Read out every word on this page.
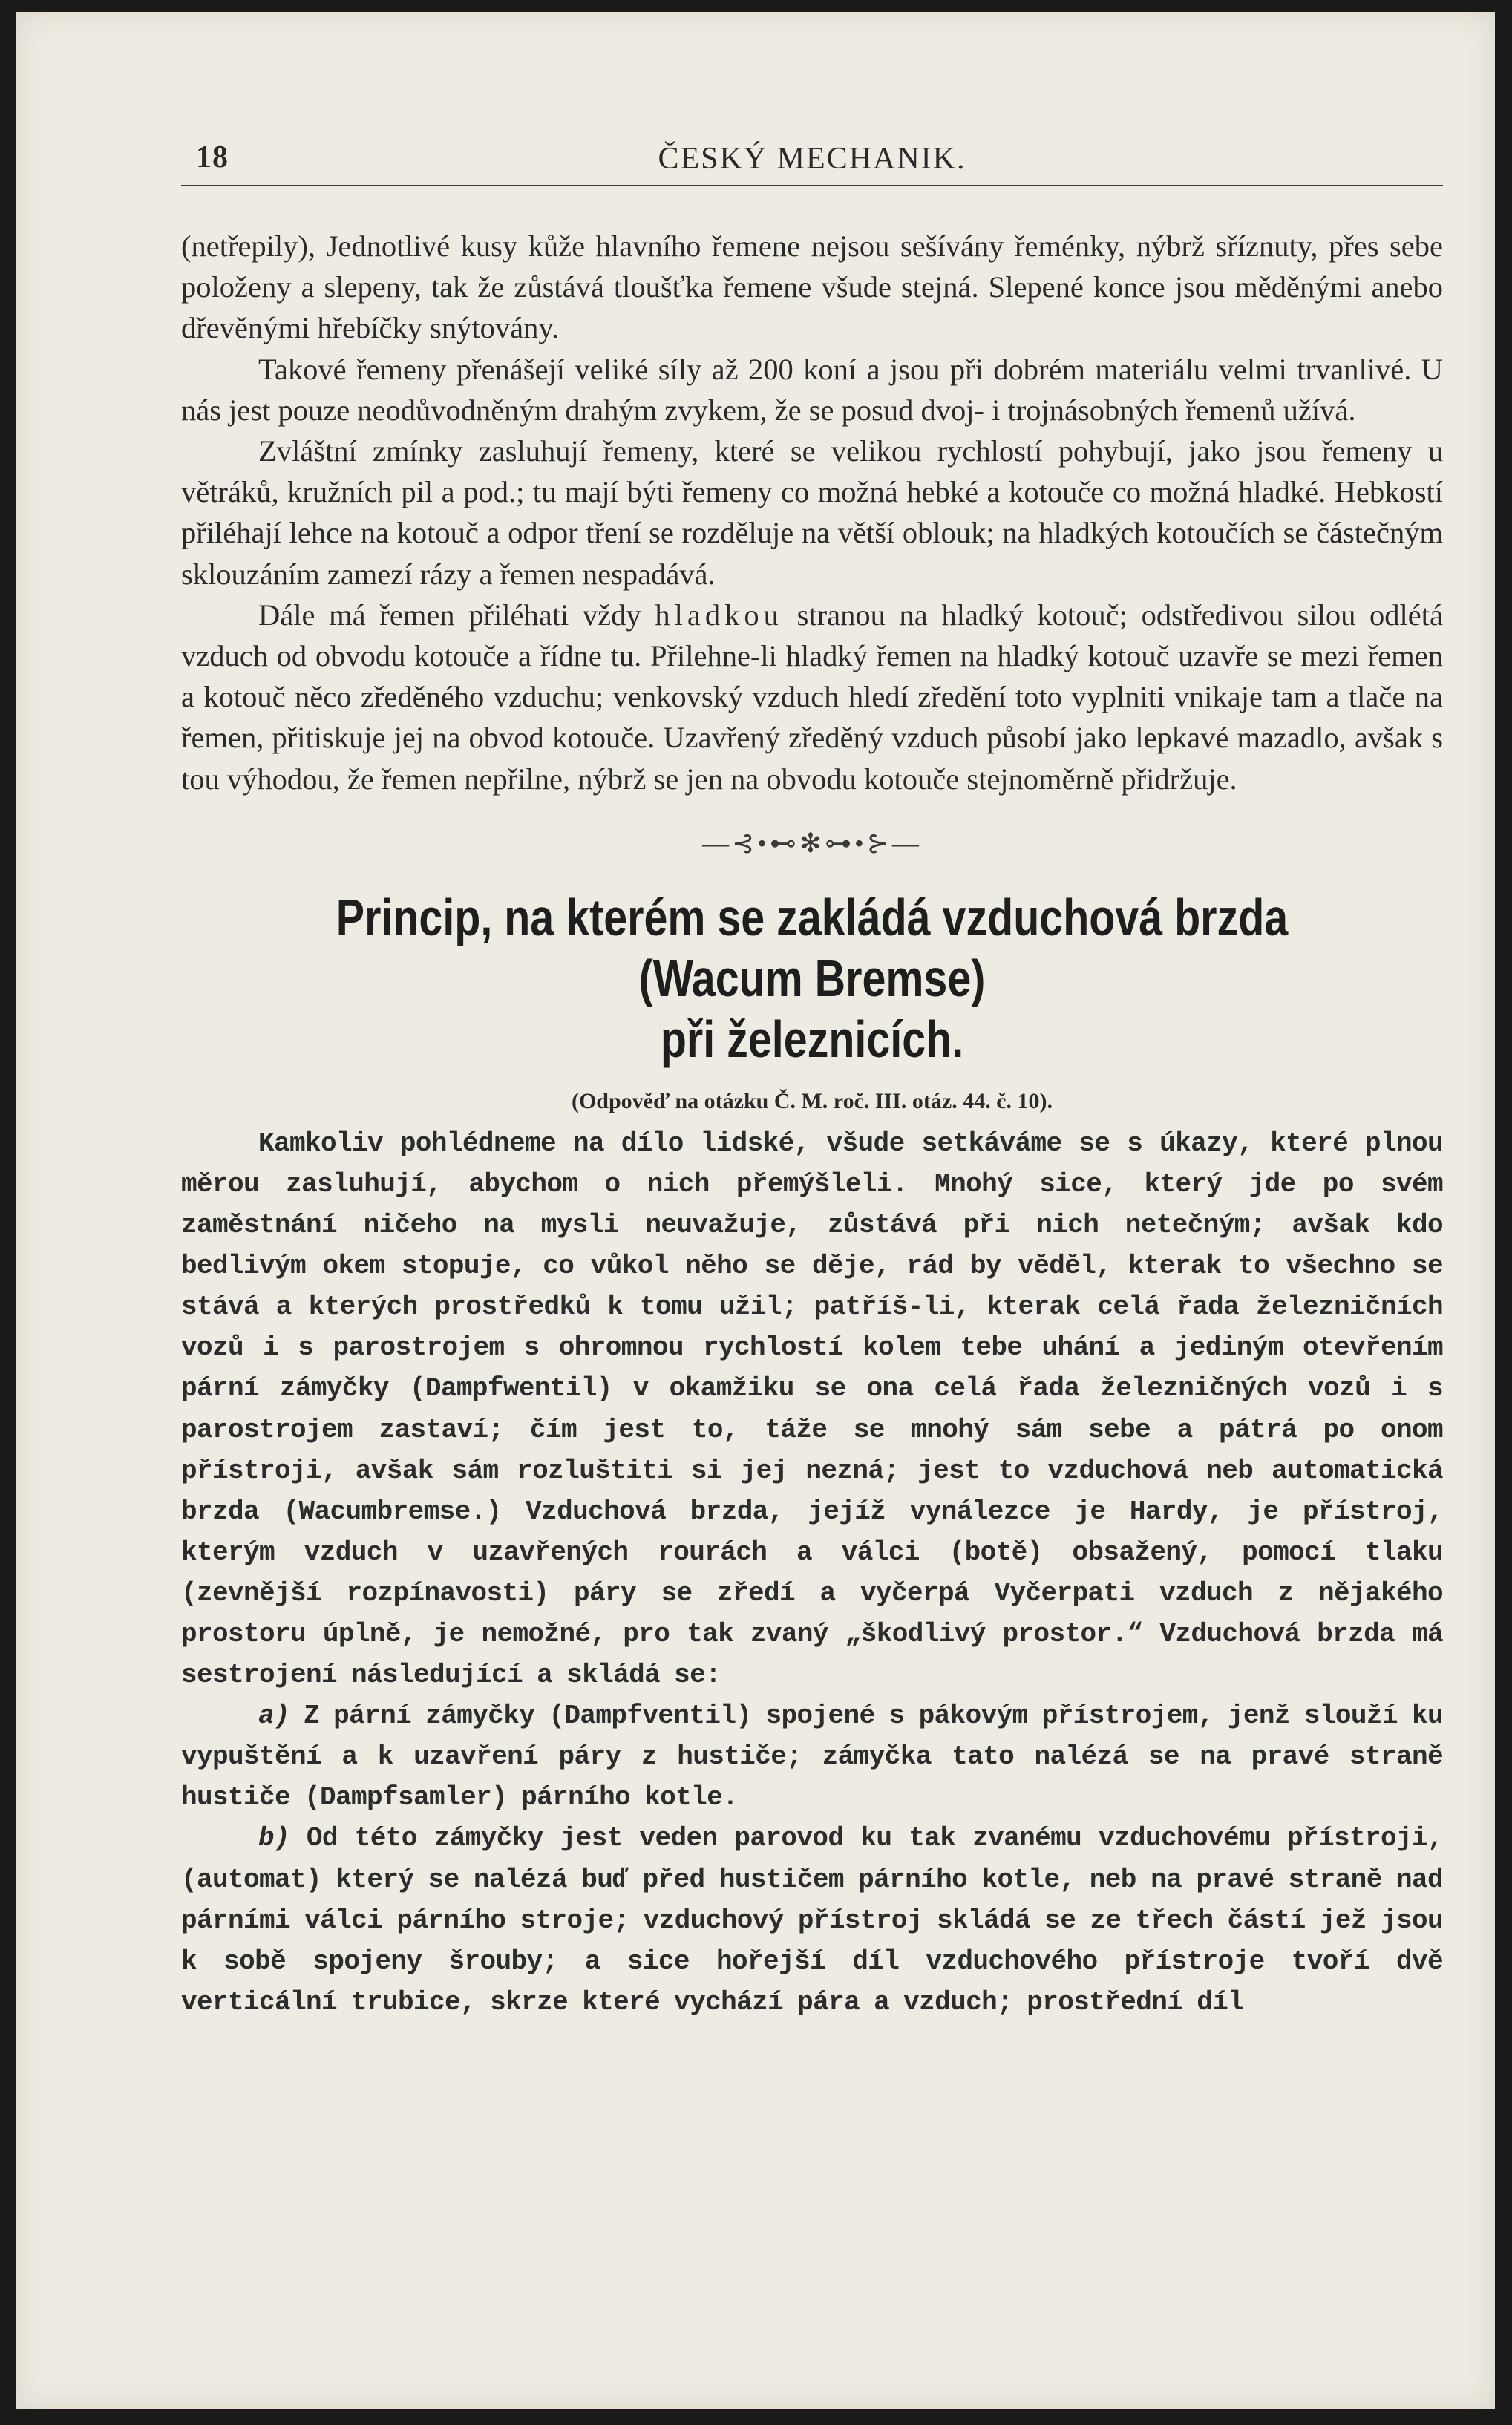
18	ČESKÝ MECHANIK.

(netřepily), Jednotlivé kusy kůže hlavního řemene nejsou sešívány řeménky, nýbrž sříznuty, přes sebe položeny a slepeny, tak že zůstává tloušťka řemene všude stejná. Slepené konce jsou měděnými anebo dřevěnými hřebíčky snýtovány.

Takové řemeny přenášejí veliké síly až 200 koní a jsou při dobrém materiálu velmi trvanlivé. U nás jest pouze neodůvodněným drahým zvykem, že se posud dvoj- i trojnásobných řemenů užívá.

Zvláštní zmínky zasluhují řemeny, které se velikou rychlostí pohybují, jako jsou řemeny u větráků, kružních pil a pod.; tu mají býti řemeny co možná hebké a kotouče co možná hladké. Hebkostí přiléhají lehce na kotouč a odpor tření se rozděluje na větší oblouk; na hladkých kotoučích se částečným sklouzáním zamezí rázy a řemen nespadává.

Dále má řemen přiléhati vždy hladkou stranou na hladký kotouč; odstředivou silou odlétá vzduch od obvodu kotouče a řídne tu. Přilehne-li hladký řemen na hladký kotouč uzavře se mezi řemen a kotouč něco zředěného vzduchu; venkovský vzduch hledí zředění toto vyplniti vnikaje tam a tlače na řemen, přitiskuje jej na obvod kotouče. Uzavřený zředěný vzduch působí jako lepkavé mazadlo, avšak s tou výhodou, že řemen nepřilne, nýbrž se jen na obvodu kotouče stejnoměrně přidržuje.

—⊰•⊷✻⊶•⊱—
Princip, na kterém se zakládá vzduchová brzda (Wacum Bremse)
při železnicích.
(Odpověď na otázku Č. M. roč. III. otáz. 44. č. 10).

Kamkoliv pohlédneme na dílo lidské, všude setkáváme se s úkazy, které plnou měrou zasluhují, abychom o nich přemýšleli. Mnohý sice, který jde po svém zaměstnání ničeho na mysli neuvažuje, zůstává při nich netečným; avšak kdo bedlivým okem stopuje, co vůkol něho se děje, rád by věděl, kterak to všechno se stává a kterých prostředků k tomu užil; patříš-li, kterak celá řada železničních vozů i s parostrojem s ohromnou rychlostí kolem tebe uhání a jediným otevřením pární zámyčky (Dampfwentil) v okamžiku se ona celá řada železničných vozů i s parostrojem zastaví; čím jest to, táže se mnohý sám sebe a pátrá po onom přístroji, avšak sám rozluštiti si jej nezná; jest to vzduchová neb automatická brzda (Wacumbremse.) Vzduchová brzda, jejíž vynálezce je Hardy, je přístroj, kterým vzduch v uzavřených rourách a válci (botě) obsažený, pomocí tlaku (zevnější rozpínavosti) páry se zředí a vyčerpá Vyčerpati vzduch z nějakého prostoru úplně, je nemožné, pro tak zvaný „škodlivý prostor.“ Vzduchová brzda má sestrojení následující a skládá se:

a) Z pární zámyčky (Dampfventil) spojené s pákovým přístrojem, jenž slouží ku vypuštění a k uzavření páry z hustiče; zámyčka tato nalézá se na pravé straně hustiče (Dampfsamler) párního kotle.

b) Od této zámyčky jest veden parovod ku tak zvanému vzduchovému přístroji, (automat) který se nalézá buď před hustičem párního kotle, neb na pravé straně nad párními válci párního stroje; vzduchový přístroj skládá se ze třech částí jež jsou k sobě spojeny šrouby; a sice hořejší díl vzduchového přístroje tvoří dvě verticální trubice, skrze které vychází pára a vzduch; prostřední díl
